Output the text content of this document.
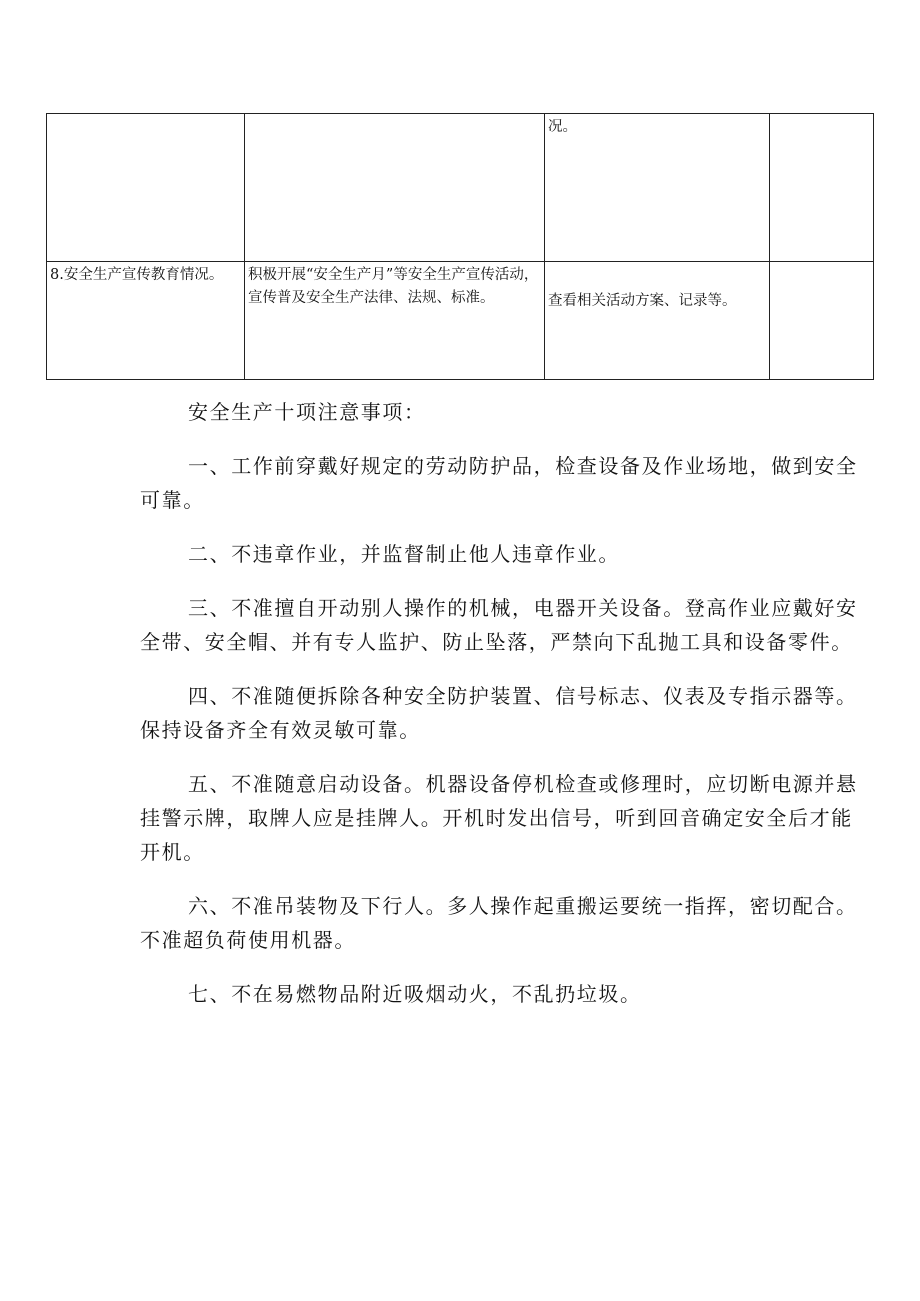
		况。	
8.安全生产宣传教育情况。	积极开展“安全生产月”等安全生产宣传活动，宣传普及安全生产法律、法规、标准。	查看相关活动方案、记录等。	

安全生产十项注意事项：

一、工作前穿戴好规定的劳动防护品，检查设备及作业场地，做到安全可靠。

二、不违章作业，并监督制止他人违章作业。

三、不准擅自开动别人操作的机械，电器开关设备。登高作业应戴好安全带、安全帽、并有专人监护、防止坠落，严禁向下乱抛工具和设备零件。

四、不准随便拆除各种安全防护装置、信号标志、仪表及专指示器等。保持设备齐全有效灵敏可靠。

五、不准随意启动设备。机器设备停机检查或修理时，应切断电源并悬挂警示牌，取牌人应是挂牌人。开机时发出信号，听到回音确定安全后才能开机。

六、不准吊装物及下行人。多人操作起重搬运要统一指挥，密切配合。不准超负荷使用机器。

七、不在易燃物品附近吸烟动火，不乱扔垃圾。
